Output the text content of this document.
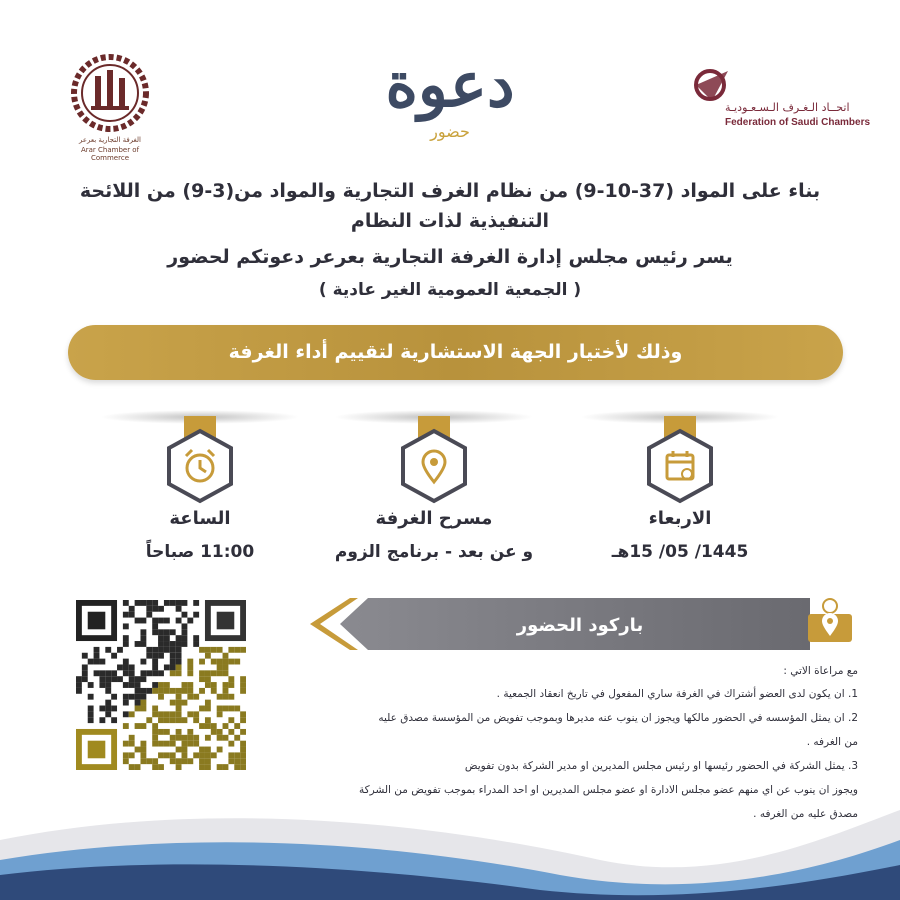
الغرفة التجارية بعرعر
Arar Chamber of Commerce
دعوة
حضور
اتحــاد الـغـرف الـسـعـوديـة
Federation of Saudi Chambers
بناء على المواد (37-10-9) من نظام الغرف التجارية والمواد من(3-9) من اللائحة
التنفيذية لذات النظام
يسر رئيس مجلس إدارة الغرفة التجارية بعرعر دعوتكم لحضور
( الجمعية العمومية الغير عادية )
وذلك لأختيار الجهة الاستشارية لتقييم أداء الغرفة
الساعة
11:00 صباحاً
مسرح الغرفة
و عن بعد - برنامج الزوم
الاربعاء
1445/ 05/ 15هـ
باركود الحضور
مع مراعاة الاتي :
1. ان يكون لدى العضو أشتراك في الغرفة ساري المفعول في تاريخ انعقاد الجمعية .
2. ان يمثل المؤسسه في الحضور مالكها ويجوز ان ينوب عنه مديرها وبموجب تفويض من المؤسسة مصدق عليه
من الغرفه .
3. يمثل الشركة في الحضور رئيسها او رئيس مجلس المديرين او مدير الشركة بدون تفويض
ويجوز ان ينوب عن اي منهم عضو مجلس الادارة او عضو مجلس المديرين او احد المدراء بموجب تفويض من الشركة
مصدق عليه من الغرفه .
